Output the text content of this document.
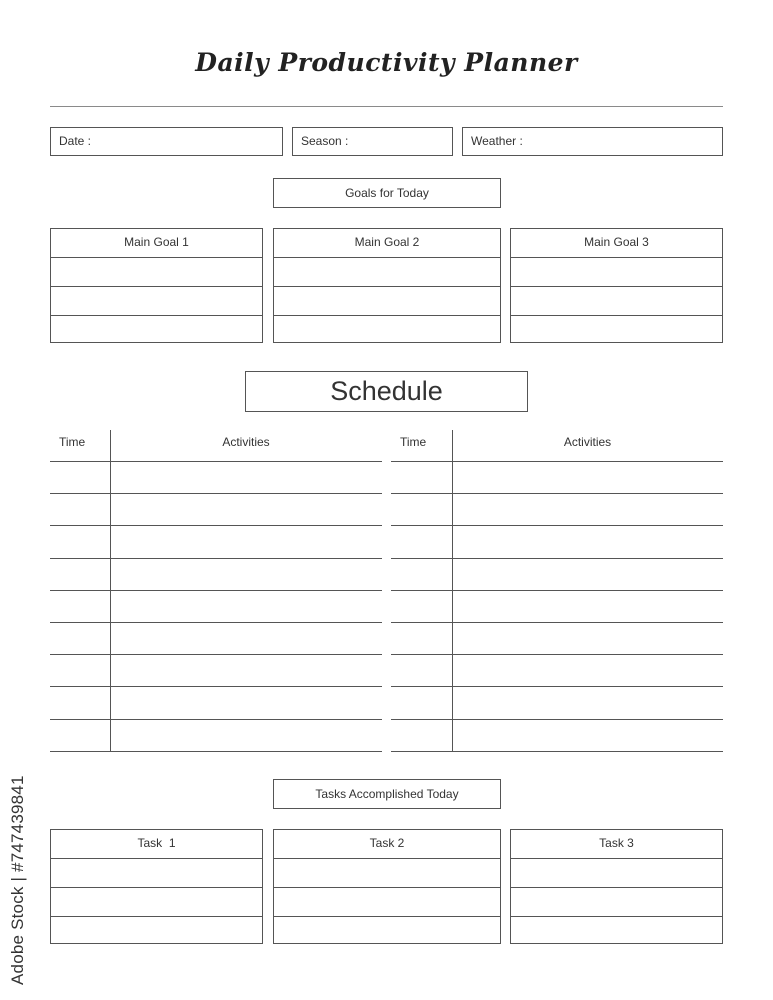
Daily Productivity Planner
Date :	Season :	Weather :
Goals for Today
Main Goal 1	Main Goal 2	Main Goal 3
Schedule
Time	Activities	Time	Activities
Tasks Accomplished Today
Task  1	Task 2	Task 3
Adobe Stock | #747439841
